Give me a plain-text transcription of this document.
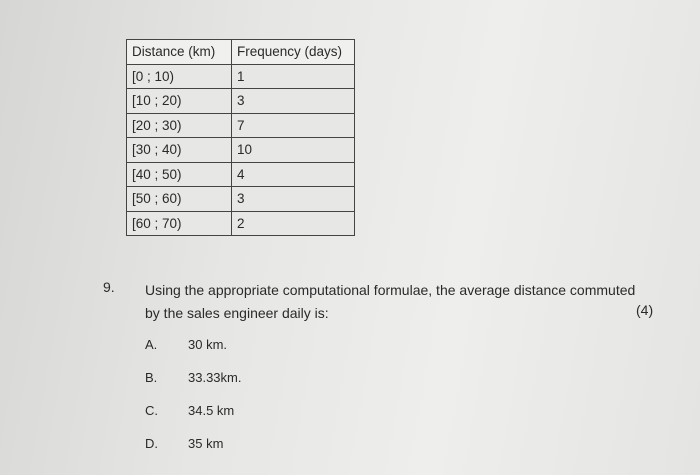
Distance (km)	Frequency (days)
[0 ; 10)	1
[10 ; 20)	3
[20 ; 30)	7
[30 ; 40)	10
[40 ; 50)	4
[50 ; 60)	3
[60 ; 70)	2
9. Using the appropriate computational formulae, the average distance commuted by the sales engineer daily is:	(4)
A. 30 km.
B. 33.33km.
C. 34.5 km
D. 35 km
